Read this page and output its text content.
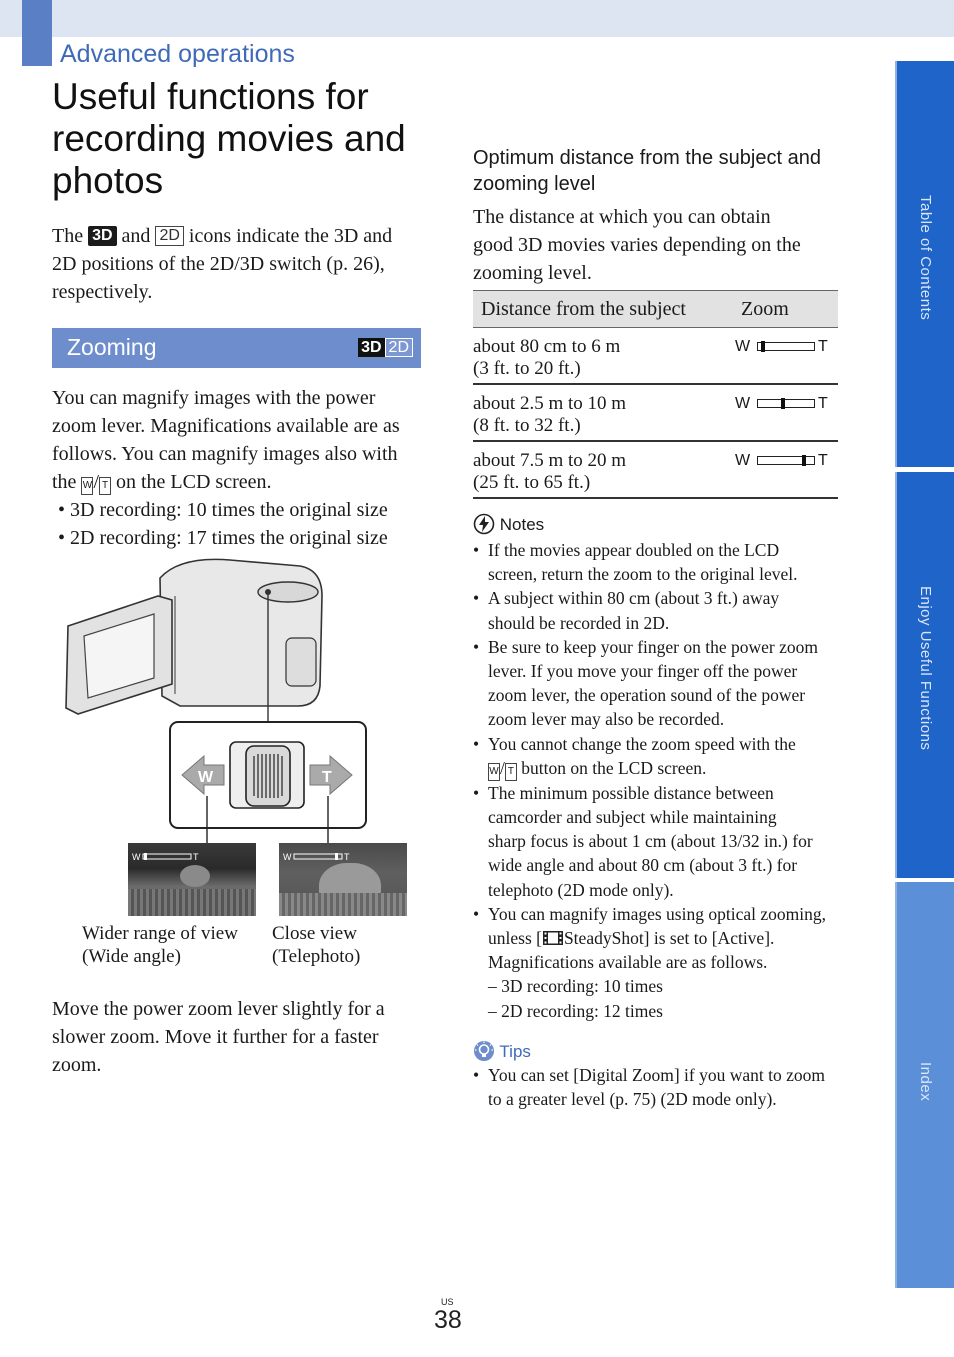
Advanced operations
Useful functions for recording movies and photos
The 3D and 2D icons indicate the 3D and
2D positions of the 2D/3D switch (p. 26),
respectively.
Zooming	3D 2D
You can magnify images with the power
zoom lever. Magnifications available are as
follows. You can magnify images also with
the W/ T on the LCD screen.
• 3D recording: 10 times the original size
• 2D recording: 17 times the original size
W	T
W	T	W	T
Wider range of view
(Wide angle)
Close view
(Telephoto)
Move the power zoom lever slightly for a
slower zoom. Move it further for a faster
zoom.
Optimum distance from the subject and zooming level
The distance at which you can obtain
good 3D movies varies depending on the
zooming level.
Distance from the subject	Zoom
about 80 cm to 6 m
(3 ft. to 20 ft.)
W	T
about 2.5 m to 10 m
(8 ft. to 32 ft.)
W	T
about 7.5 m to 20 m
(25 ft. to 65 ft.)
W	T
Notes
• If the movies appear doubled on the LCD
screen, return the zoom to the original level.
• A subject within 80 cm (about 3 ft.) away
should be recorded in 2D.
• Be sure to keep your finger on the power zoom
lever. If you move your finger off the power
zoom lever, the operation sound of the power
zoom lever may also be recorded.
• You cannot change the zoom speed with the
W/ T button on the LCD screen.
• The minimum possible distance between
camcorder and subject while maintaining
sharp focus is about 1 cm (about 13/32 in.) for
wide angle and about 80 cm (about 3 ft.) for
telephoto (2D mode only).
• You can magnify images using optical zooming,
unless [ SteadyShot] is set to [Active].
Magnifications available are as follows.
– 3D recording: 10 times
– 2D recording: 12 times
Tips
• You can set [Digital Zoom] if you want to zoom
to a greater level (p. 75) (2D mode only).
Table of Contents
Enjoy Useful Functions
Index
US
38
